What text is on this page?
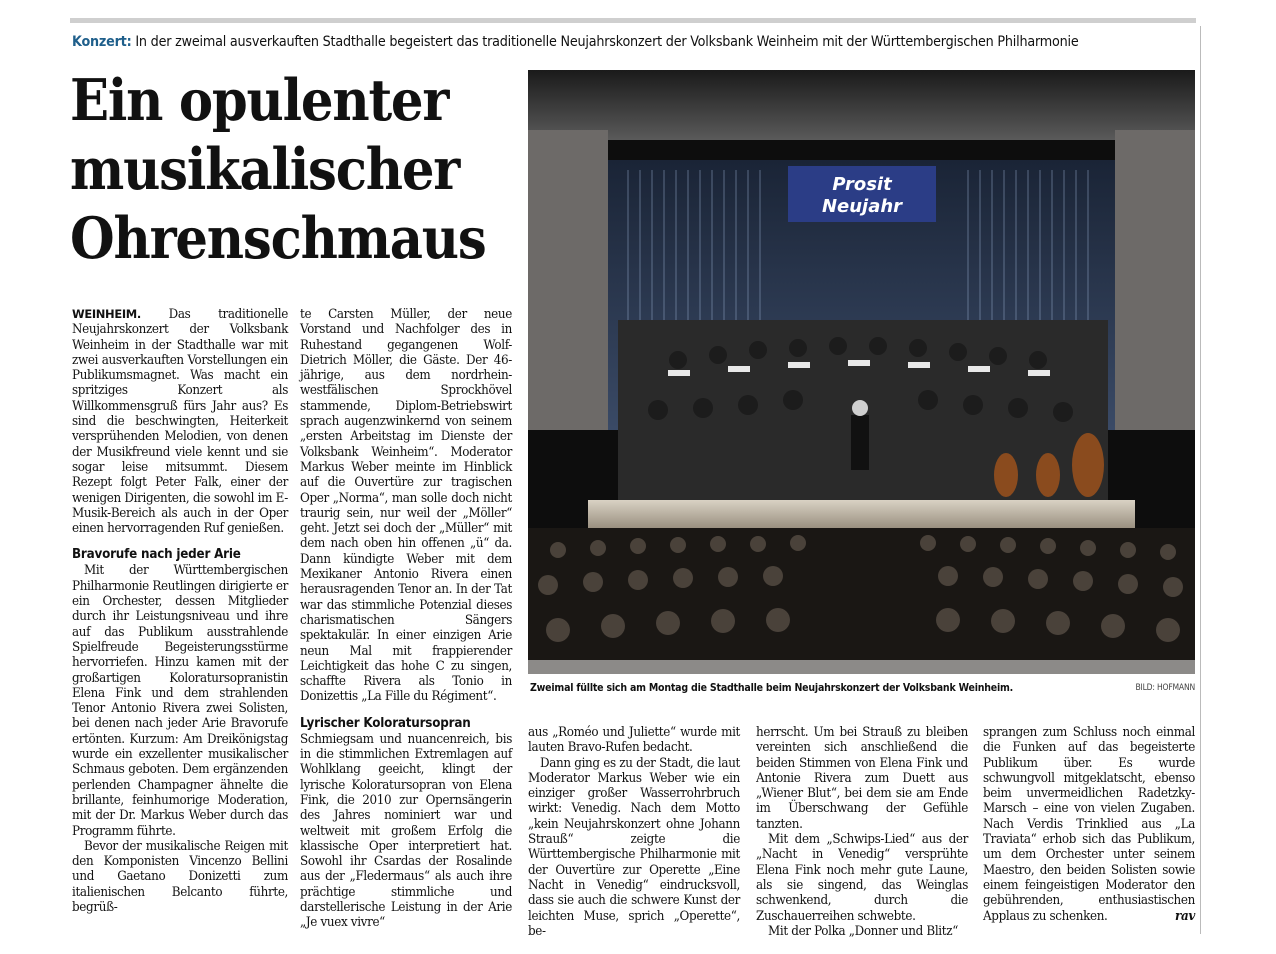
Konzert: In der zweimal ausverkauften Stadthalle begeistert das traditionelle Neujahrskonzert der Volksbank Weinheim mit der Württembergischen Philharmonie
Ein opulenter
musikalischer
Ohrenschmaus
Prosit
Neujahr
Zweimal füllte sich am Montag die Stadthalle beim Neujahrskonzert der Volksbank Weinheim.	BILD: HOFMANN

WEINHEIM. Das traditionelle Neujahrskonzert der Volksbank Weinheim in der Stadthalle war mit zwei ausverkauften Vorstellungen ein Publikumsmagnet. Was macht ein spritziges Konzert als Willkommensgruß fürs Jahr aus? Es sind die beschwingten, Heiterkeit versprühenden Melodien, von denen der Musikfreund viele kennt und sie sogar leise mitsummt. Diesem Rezept folgt Peter Falk, einer der wenigen Dirigenten, die sowohl im E-Musik-Bereich als auch in der Oper einen hervorragenden Ruf genießen.

Bravorufe nach jeder Arie

Mit der Württembergischen Philharmonie Reutlingen dirigierte er ein Orchester, dessen Mitglieder durch ihr Leistungsniveau und ihre auf das Publikum ausstrahlende Spielfreude Begeisterungsstürme hervorriefen. Hinzu kamen mit der großartigen Koloratursopranistin Elena Fink und dem strahlenden Tenor Antonio Rivera zwei Solisten, bei denen nach jeder Arie Bravorufe ertönten. Kurzum: Am Dreikönigstag wurde ein exzellenter musikalischer Schmaus geboten. Dem ergänzenden perlenden Champagner ähnelte die brillante, feinhumorige Moderation, mit der Dr. Markus Weber durch das Programm führte.

Bevor der musikalische Reigen mit den Komponisten Vincenzo Bellini und Gaetano Donizetti zum italienischen Belcanto führte, begrüß-

te Carsten Müller, der neue Vorstand und Nachfolger des in Ruhestand gegangenen Wolf-Dietrich Möller, die Gäste. Der 46-jährige, aus dem nordrhein-westfälischen Sprockhövel stammende, Diplom-Betriebswirt sprach augenzwinkernd von seinem „ersten Arbeitstag im Dienste der Volksbank Weinheim“. Moderator Markus Weber meinte im Hinblick auf die Ouvertüre zur tragischen Oper „Norma“, man solle doch nicht traurig sein, nur weil der „Möller“ geht. Jetzt sei doch der „Müller“ mit dem nach oben hin offenen „ü“ da. Dann kündigte Weber mit dem Mexikaner Antonio Rivera einen herausragenden Tenor an. In der Tat war das stimmliche Potenzial dieses charismatischen Sängers spektakulär. In einer einzigen Arie neun Mal mit frappierender Leichtigkeit das hohe C zu singen, schaffte Rivera als Tonio in Donizettis „La Fille du Régiment“.

Lyrischer Koloratursopran

Schmiegsam und nuancenreich, bis in die stimmlichen Extremlagen auf Wohlklang geeicht, klingt der lyrische Koloratursopran von Elena Fink, die 2010 zur Opernsängerin des Jahres nominiert war und weltweit mit großem Erfolg die klassische Oper interpretiert hat. Sowohl ihr Csardas der Rosalinde aus der „Fledermaus“ als auch ihre prächtige stimmliche und darstellerische Leistung in der Arie „Je vuex vivre“

aus „Roméo und Juliette“ wurde mit lauten Bravo-Rufen bedacht.

Dann ging es zu der Stadt, die laut Moderator Markus Weber wie ein einziger großer Wasserrohrbruch wirkt: Venedig. Nach dem Motto „kein Neujahrskonzert ohne Johann Strauß“ zeigte die Württembergische Philharmonie mit der Ouvertüre zur Operette „Eine Nacht in Venedig“ eindrucksvoll, dass sie auch die schwere Kunst der leichten Muse, sprich „Operette“, be-

herrscht. Um bei Strauß zu bleiben vereinten sich anschließend die beiden Stimmen von Elena Fink und Antonie Rivera zum Duett aus „Wiener Blut“, bei dem sie am Ende im Überschwang der Gefühle tanzten.

Mit dem „Schwips-Lied“ aus der „Nacht in Venedig“ versprühte Elena Fink noch mehr gute Laune, als sie singend, das Weinglas schwenkend, durch die Zuschauerreihen schwebte.

Mit der Polka „Donner und Blitz“

sprangen zum Schluss noch einmal die Funken auf das begeisterte Publikum über. Es wurde schwungvoll mitgeklatscht, ebenso beim unvermeidlichen Radetzky-Marsch – eine von vielen Zugaben. Nach Verdis Trinklied aus „La Traviata“ erhob sich das Publikum, um dem Orchester unter seinem Maestro, den beiden Solisten sowie einem feingeistigen Moderator den gebührenden, enthusiastischen Applaus zu schenken.	rav
